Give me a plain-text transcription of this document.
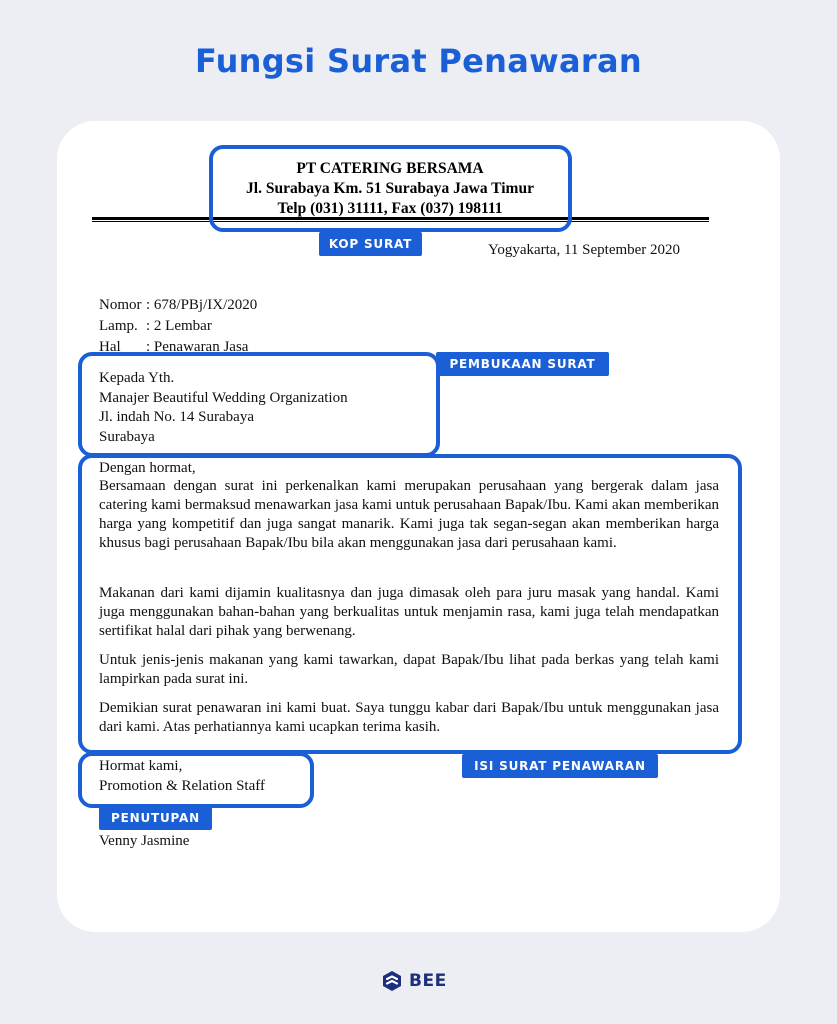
Fungsi Surat Penawaran
PT CATERING BERSAMA
Jl. Surabaya Km. 51 Surabaya Jawa Timur
Telp (031) 31111, Fax (037) 198111
KOP SURAT	Yogyakarta, 11 September 2020
Nomor : 678/PBj/IX/2020
Lamp. : 2 Lembar
Hal	: Penawaran Jasa
Kepada Yth.
Manajer Beautiful Wedding Organization
Jl. indah No. 14 Surabaya
Surabaya
PEMBUKAAN SURAT
Dengan hormat,
Bersamaan dengan surat ini perkenalkan kami merupakan perusahaan yang bergerak dalam jasa catering kami bermaksud menawarkan jasa kami untuk perusahaan Bapak/Ibu. Kami akan memberikan harga yang kompetitif dan juga sangat manarik. Kami juga tak segan-segan akan memberikan harga khusus bagi perusahaan Bapak/Ibu bila akan menggunakan jasa dari perusahaan kami.
Makanan dari kami dijamin kualitasnya dan juga dimasak oleh para juru masak yang handal. Kami juga menggunakan bahan-bahan yang berkualitas untuk menjamin rasa, kami juga telah mendapatkan sertifikat halal dari pihak yang berwenang.
Untuk jenis-jenis makanan yang kami tawarkan, dapat Bapak/Ibu lihat pada berkas yang telah kami lampirkan pada surat ini.
Demikian surat penawaran ini kami buat. Saya tunggu kabar dari Bapak/Ibu untuk menggunakan jasa dari kami. Atas perhatiannya kami ucapkan terima kasih.
ISI SURAT PENAWARAN
Hormat kami,
Promotion & Relation Staff
PENUTUPAN
Venny Jasmine
BEE
